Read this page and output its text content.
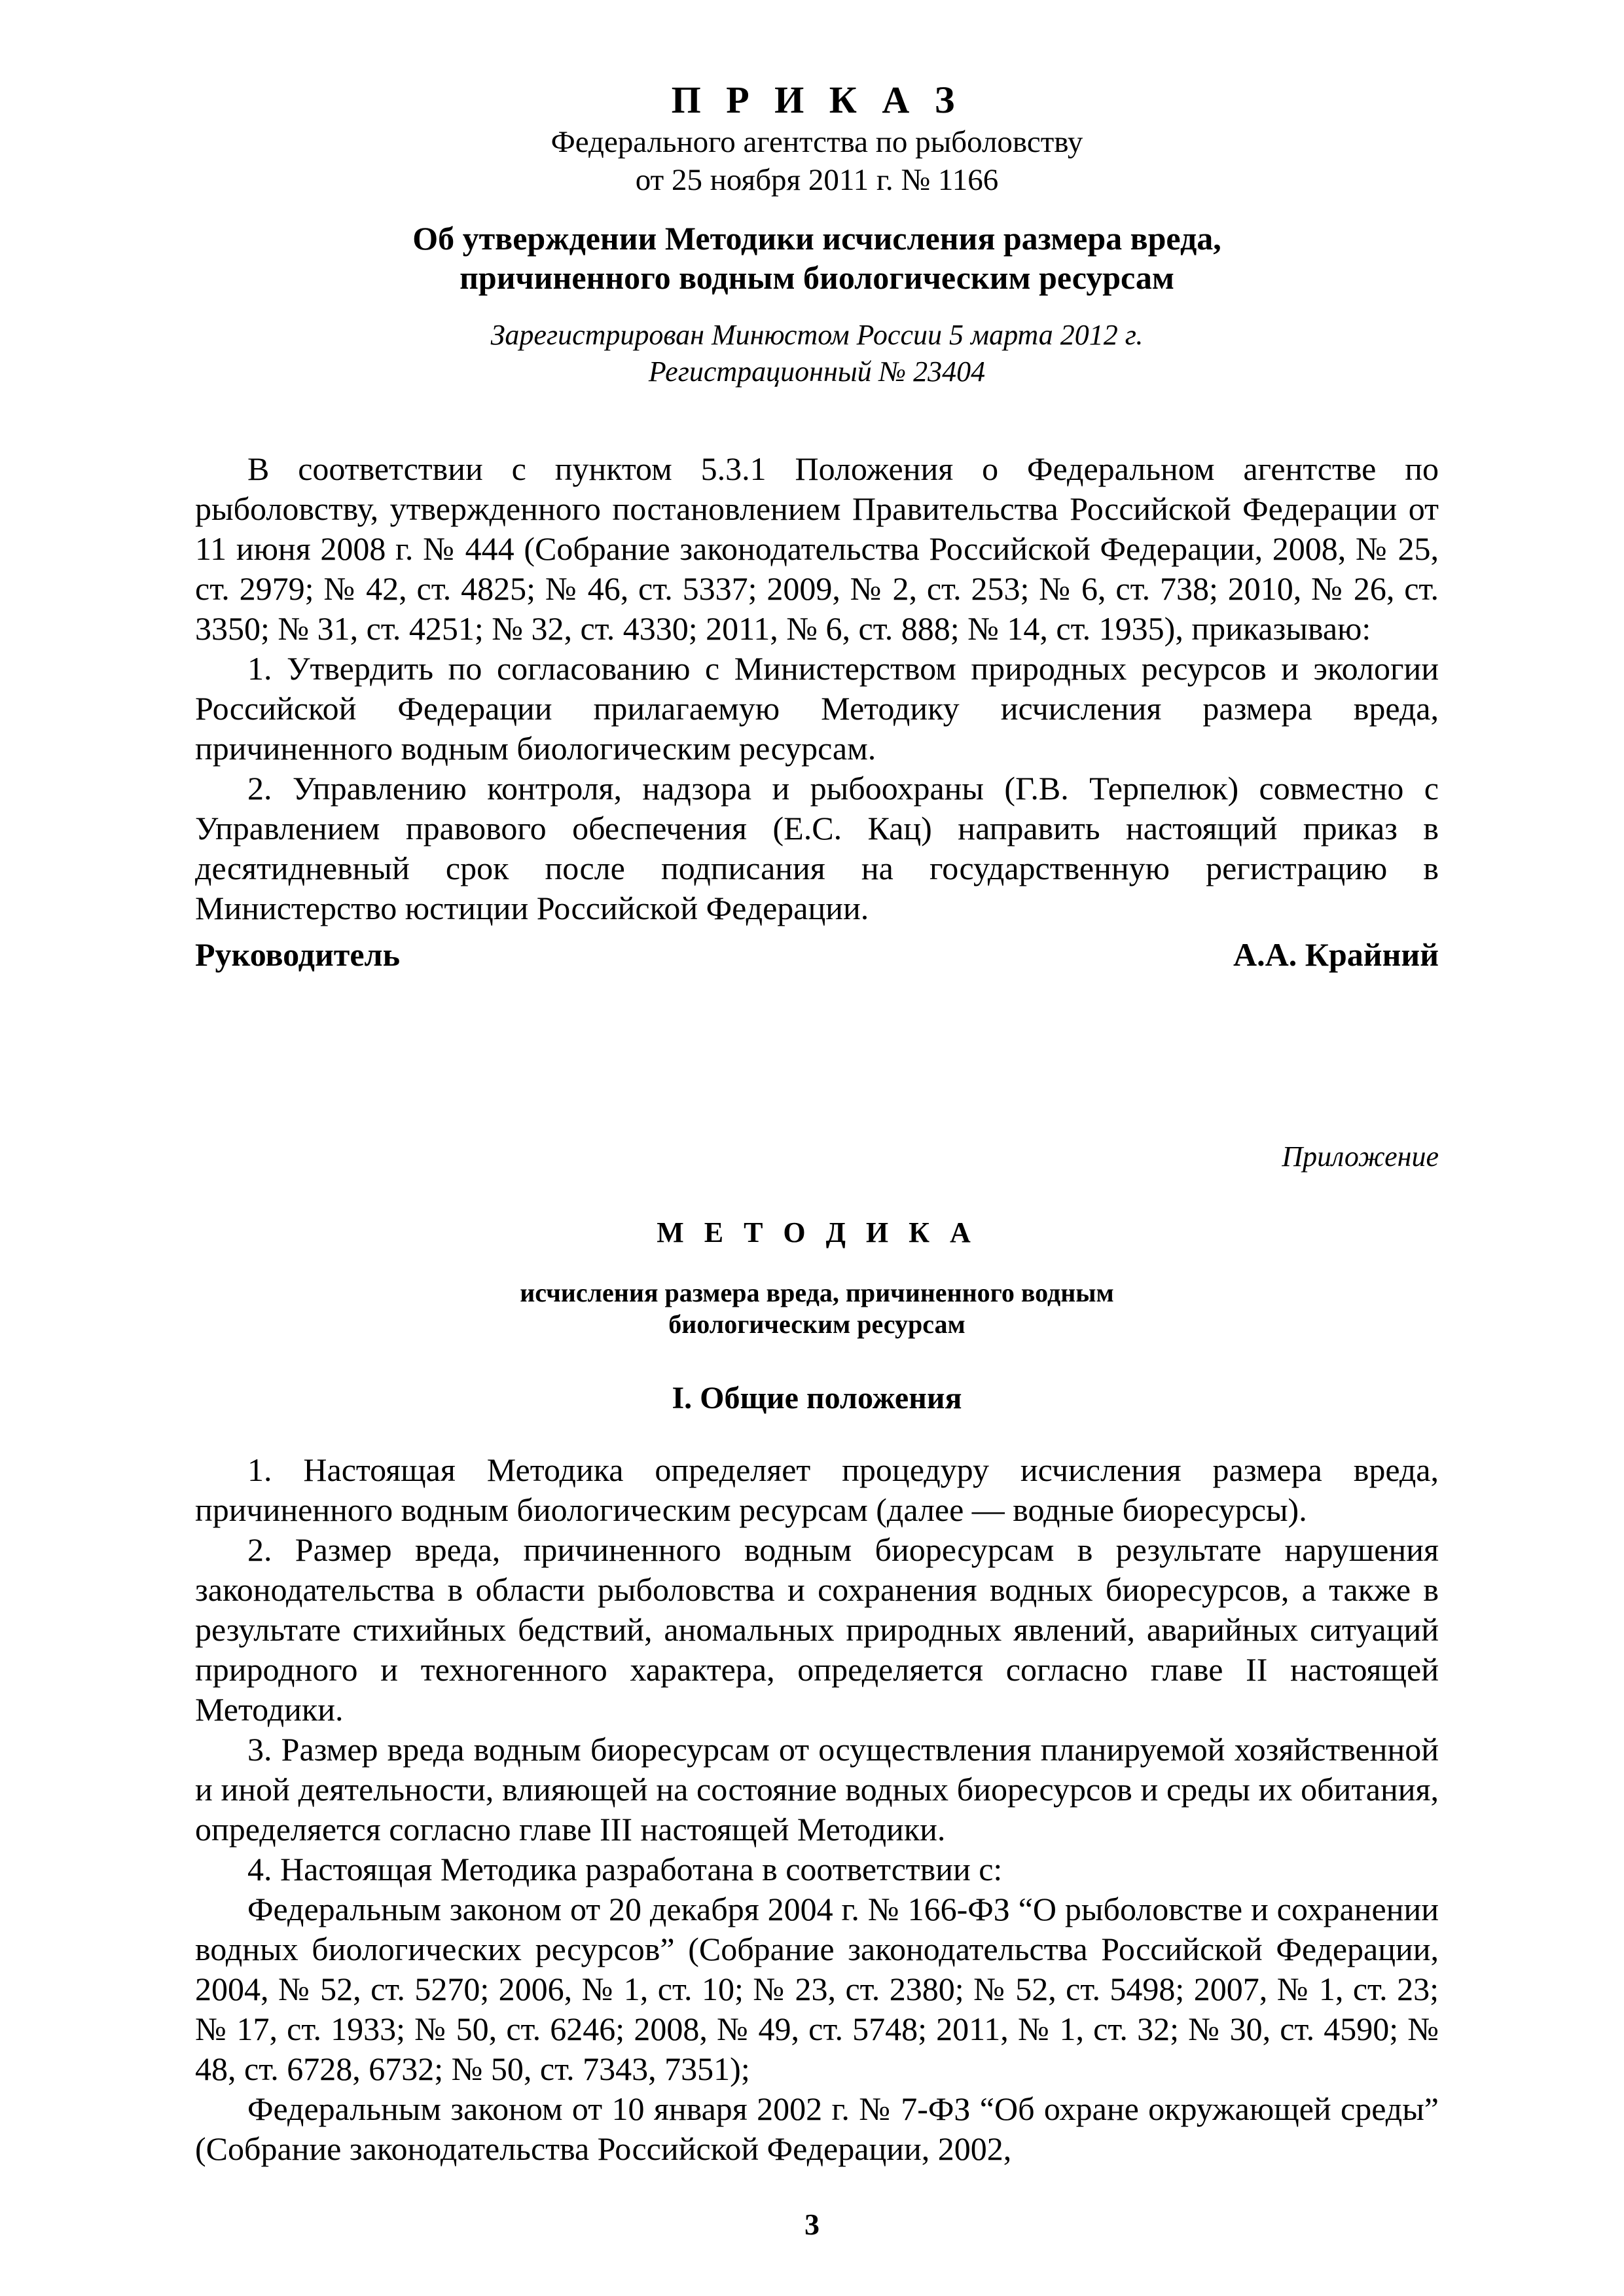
П Р И К А З

Федерального агентства по рыболовству

от 25 ноября 2011 г. № 1166

Об утверждении Методики исчисления размера вреда,
причиненного водным биологическим ресурсам

Зарегистрирован Минюстом России 5 марта 2012 г.
Регистрационный № 23404

В соответствии с пунктом 5.3.1 Положения о Федеральном агентстве по рыболовству, утвержденного постановлением Правительства Российской Федерации от 11 июня 2008 г. № 444 (Собрание законодательства Российской Федерации, 2008, № 25, ст. 2979; № 42, ст. 4825; № 46, ст. 5337; 2009, № 2, ст. 253; № 6, ст. 738; 2010, № 26, ст. 3350; № 31, ст. 4251; № 32, ст. 4330; 2011, № 6, ст. 888; № 14, ст. 1935), приказываю:

1. Утвердить по согласованию с Министерством природных ресурсов и экологии Российской Федерации прилагаемую Методику исчисления размера вреда, причиненного водным биологическим ресурсам.

2. Управлению контроля, надзора и рыбоохраны (Г.В. Терпелюк) совместно с Управлением правового обеспечения (Е.С. Кац) направить настоящий приказ в десятидневный срок после подписания на государственную регистрацию в Министерство юстиции Российской Федерации.

Руководитель	А.А. Крайний
Приложение
М Е Т О Д И К А
исчисления размера вреда, причиненного водным
биологическим ресурсам
I. Общие положения

1. Настоящая Методика определяет процедуру исчисления размера вреда, причиненного водным биологическим ресурсам (далее — водные биоресурсы).

2. Размер вреда, причиненного водным биоресурсам в результате нарушения законодательства в области рыболовства и сохранения водных биоресурсов, а также в результате стихийных бедствий, аномальных природных явлений, аварийных ситуаций природного и техногенного характера, определяется согласно главе II настоящей Методики.

3. Размер вреда водным биоресурсам от осуществления планируемой хозяйственной и иной деятельности, влияющей на состояние водных биоресурсов и среды их обитания, определяется согласно главе III настоящей Методики.

4. Настоящая Методика разработана в соответствии с:

Федеральным законом от 20 декабря 2004 г. № 166-ФЗ “О рыболовстве и сохранении водных биологических ресурсов” (Собрание законодательства Российской Федерации, 2004, № 52, ст. 5270; 2006, № 1, ст. 10; № 23, ст. 2380; № 52, ст. 5498; 2007, № 1, ст. 23; № 17, ст. 1933; № 50, ст. 6246; 2008, № 49, ст. 5748; 2011, № 1, ст. 32; № 30, ст. 4590; № 48, ст. 6728, 6732; № 50, ст. 7343, 7351);

Федеральным законом от 10 января 2002 г. № 7-ФЗ “Об охране окружающей среды” (Собрание законодательства Российской Федерации, 2002,

3
